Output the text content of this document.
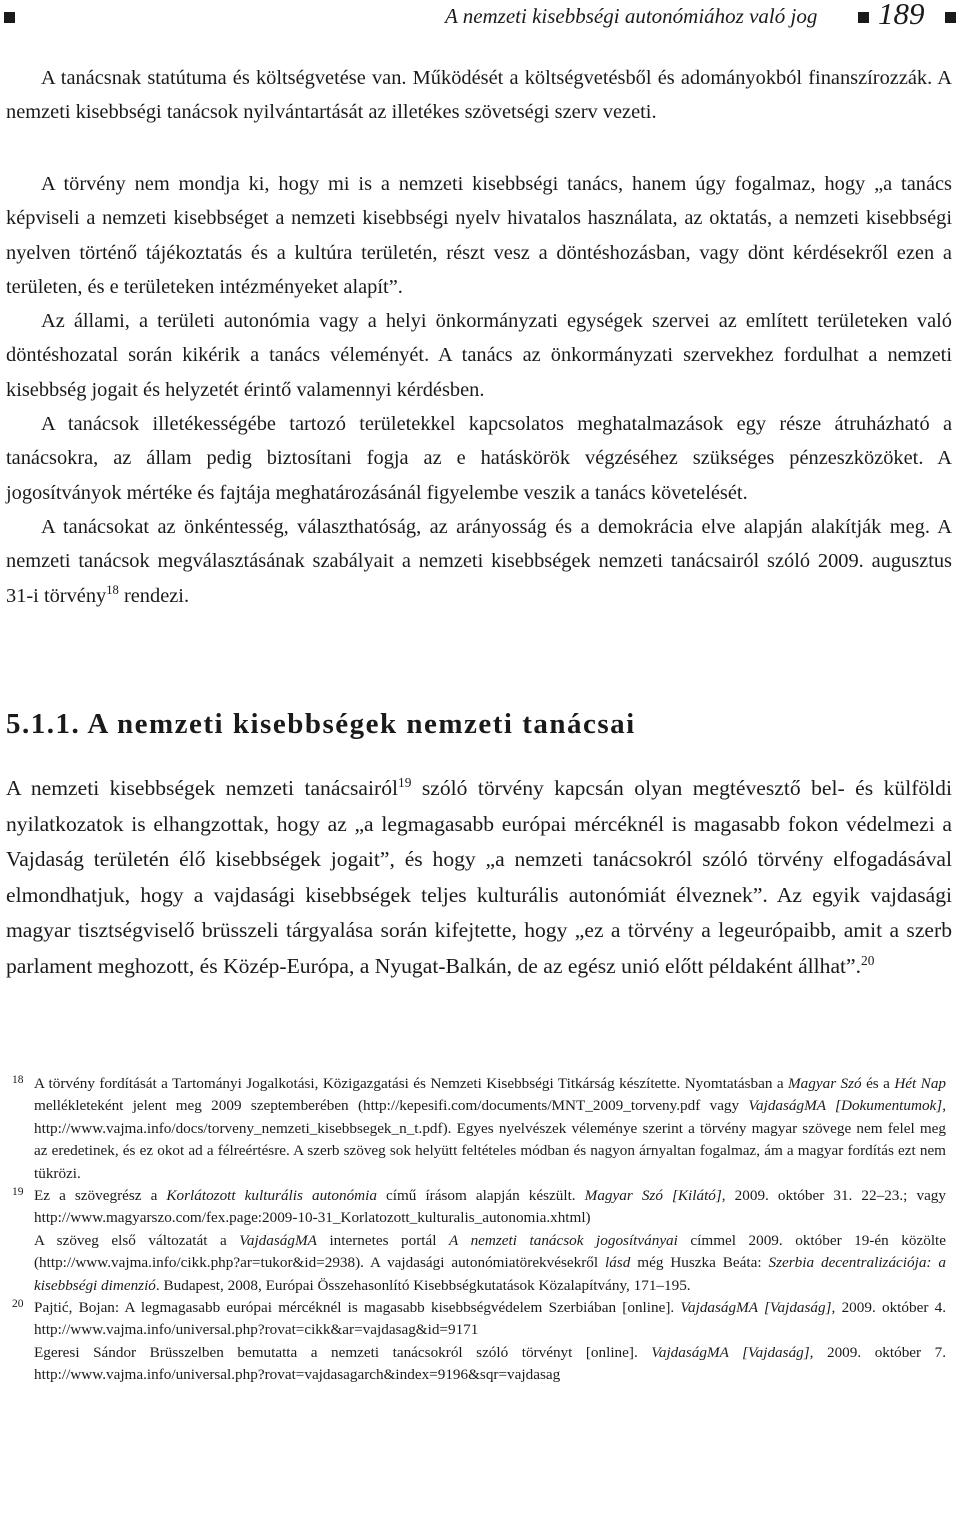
A nemzeti kisebbségi autonómiához való jog 189

A tanácsnak statútuma és költségvetése van. Működését a költségvetésből és adományokból finanszírozzák. A nemzeti kisebbségi tanácsok nyilvántartását az illetékes szövetségi szerv vezeti.

A törvény nem mondja ki, hogy mi is a nemzeti kisebbségi tanács, hanem úgy fogalmaz, hogy „a tanács képviseli a nemzeti kisebbséget a nemzeti kisebbségi nyelv hivatalos használata, az oktatás, a nemzeti kisebbségi nyelven történő tájékoztatás és a kultúra területén, részt vesz a döntéshozásban, vagy dönt kérdésekről ezen a területen, és e területeken intézményeket alapít”.

Az állami, a területi autonómia vagy a helyi önkormányzati egységek szervei az említett területeken való döntéshozatal során kikérik a tanács véleményét. A tanács az önkormányzati szervekhez fordulhat a nemzeti kisebbség jogait és helyzetét érintő valamennyi kérdésben.

A tanácsok illetékességébe tartozó területekkel kapcsolatos meghatalmazások egy része átruházható a tanácsokra, az állam pedig biztosítani fogja az e hatáskörök végzéséhez szükséges pénzeszközöket. A jogosítványok mértéke és fajtája meghatározásánál figyelembe veszik a tanács követelését.

A tanácsokat az önkéntesség, választhatóság, az arányosság és a demokrácia elve alapján alakítják meg. A nemzeti tanácsok megválasztásának szabályait a nemzeti kisebbségek nemzeti tanácsairól szóló 2009. augusztus 31-i törvény$^{18}$ rendezi.

5.1.1. A nemzeti kisebbségek nemzeti tanácsai

A nemzeti kisebbségek nemzeti tanácsairól$^{19}$ szóló törvény kapcsán olyan megtévesztő bel- és külföldi nyilatkozatok is elhangzottak, hogy az „a legmagasabb európai mércéknél is magasabb fokon védelmezi a Vajdaság területén élő kisebbségek jogait”, és hogy „a nemzeti tanácsokról szóló törvény elfogadásával elmondhatjuk, hogy a vajdasági kisebbségek teljes kulturális autonómiát élveznek”. Az egyik vajdasági magyar tisztségviselő brüsszeli tárgyalása során kifejtette, hogy „ez a törvény a legeurópaibb, amit a szerb parlament meghozott, és Közép-Európa, a Nyugat-Balkán, de az egész unió előtt példaként állhat”.$^{20}$

18 A törvény fordítását a Tartományi Jogalkotási, Közigazgatási és Nemzeti Kisebbségi Titkárság készítette. Nyomtatásban a Magyar Szó és a Hét Nap mellékleteként jelent meg 2009 szeptemberében (http://kepesifi.com/documents/MNT_2009_torveny.pdf vagy VajdaságMA [Dokumentumok], http://www.vajma.info/docs/torveny_nemzeti_kisebbsegek_n_t.pdf). Egyes nyelvészek véleménye szerint a törvény magyar szövege nem felel meg az eredetinek, és ez okot ad a félreértésre. A szerb szöveg sok helyütt feltételes módban és nagyon árnyaltan fogalmaz, ám a magyar fordítás ezt nem tükrözi.

19 Ez a szövegrész a Korlátozott kulturális autonómia című írásom alapján készült. Magyar Szó [Kilátó], 2009. október 31. 22–23.; vagy http://www.magyarszo.com/fex.page:2009-10-31_Korlatozott_kulturalis_autonomia.xhtml)

A szöveg első változatát a VajdaságMA internetes portál A nemzeti tanácsok jogosítványai címmel 2009. október 19-én közölte (http://www.vajma.info/cikk.php?ar=tukor&id=2938). A vajdasági autonómiatörekvésekről lásd még Huszka Beáta: Szerbia decentralizációja: a kisebbségi dimenzió. Budapest, 2008, Európai Összehasonlító Kisebbségkutatások Közalapítvány, 171–195.

20 Pajtić, Bojan: A legmagasabb európai mércéknél is magasabb kisebbségvédelem Szerbiában [online]. VajdaságMA [Vajdaság], 2009. október 4. http://www.vajma.info/universal.php?rovat=cikk&ar=vajdasag&id=9171

Egeresi Sándor Brüsszelben bemutatta a nemzeti tanácsokról szóló törvényt [online]. VajdaságMA [Vajdaság], 2009. október 7. http://www.vajma.info/universal.php?rovat=vajdasagarch&index=9196&sqr=vajdasag
